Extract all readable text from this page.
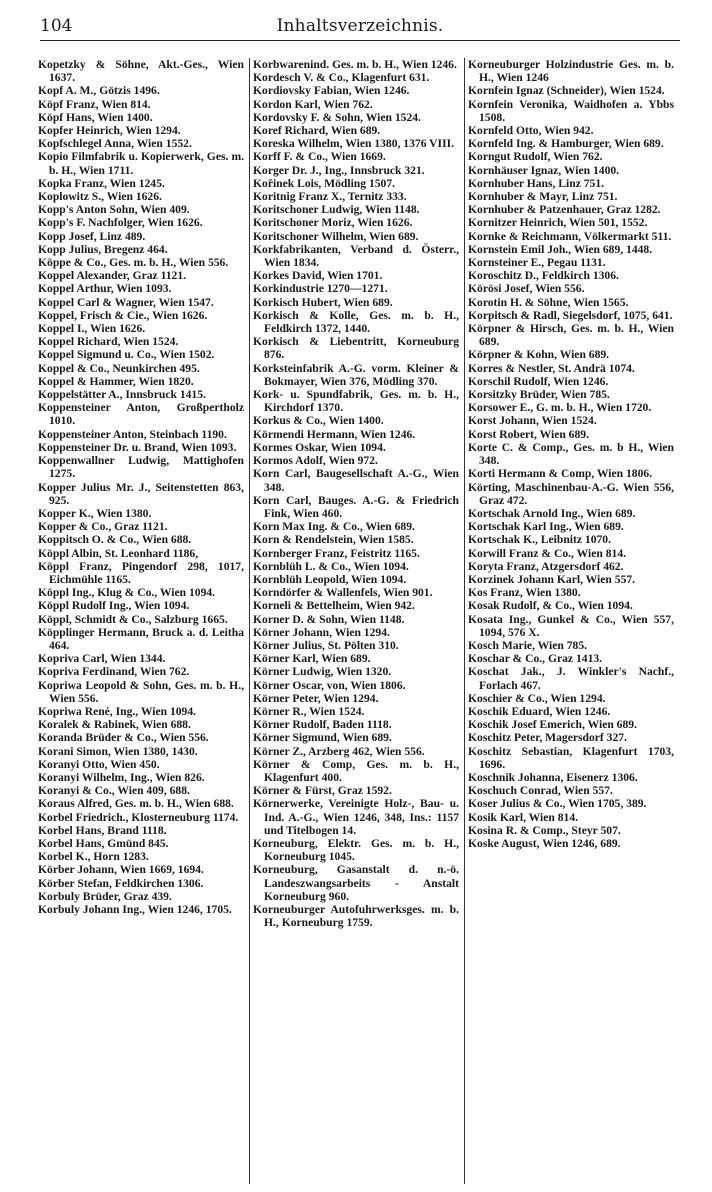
104	Inhaltsverzeichnis.
Kopetzky & Söhne, Akt.-Ges., Wien 1637.
Kopf A. M., Götzis 1496.
Köpf Franz, Wien 814.
Köpf Hans, Wien 1400.
Kopfer Heinrich, Wien 1294.
Kopfschlegel Anna, Wien 1552.
Kopio Filmfabrik u. Kopierwerk, Ges. m. b. H., Wien 1711.
Kopka Franz, Wien 1245.
Koplowitz S., Wien 1626.
Kopp's Anton Sohn, Wien 409.
Kopp's F. Nachfolger, Wien 1626.
Kopp Josef, Linz 489.
Kopp Julius, Bregenz 464.
Köppe & Co., Ges. m. b. H., Wien 556.
Koppel Alexander, Graz 1121.
Koppel Arthur, Wien 1093.
Koppel Carl & Wagner, Wien 1547.
Koppel, Frisch & Cie., Wien 1626.
Koppel I., Wien 1626.
Koppel Richard, Wien 1524.
Koppel Sigmund u. Co., Wien 1502.
Koppel & Co., Neunkirchen 495.
Koppel & Hammer, Wien 1820.
Koppelstätter A., Innsbruck 1415.
Koppensteiner Anton, Großpertholz 1010.
Koppensteiner Anton, Steinbach 1190.
Koppensteiner Dr. u. Brand, Wien 1093.
Koppenwallner Ludwig, Mattighofen 1275.
Kopper Julius Mr. J., Seitenstetten 863, 925.
Kopper K., Wien 1380.
Kopper & Co., Graz 1121.
Koppitsch O. & Co., Wien 688.
Köppl Albin, St. Leonhard 1186,
Köppl Franz, Pingendorf 298, 1017, Eichmühle 1165.
Köppl Ing., Klug & Co., Wien 1094.
Köppl Rudolf Ing., Wien 1094.
Köppl, Schmidt & Co., Salzburg 1665.
Köpplinger Hermann, Bruck a. d. Leitha 464.
Kopriva Carl, Wien 1344.
Kopriva Ferdinand, Wien 762.
Kopriwa Leopold & Sohn, Ges. m. b. H., Wien 556.
Kopriwa René, Ing., Wien 1094.
Koralek & Rabinek, Wien 688.
Koranda Brüder & Co., Wien 556.
Korani Simon, Wien 1380, 1430.
Koranyi Otto, Wien 450.
Koranyi Wilhelm, Ing., Wien 826.
Koranyi & Co., Wien 409, 688.
Koraus Alfred, Ges. m. b. H., Wien 688.
Korbel Friedrich., Klosterneuburg 1174.
Korbel Hans, Brand 1118.
Korbel Hans, Gmünd 845.
Korbel K., Horn 1283.
Körber Johann, Wien 1669, 1694.
Körber Stefan, Feldkirchen 1306.
Korbuly Brüder, Graz 439.
Korbuly Johann Ing., Wien 1246, 1705.
Korbwarenind. Ges. m. b. H., Wien 1246.
Kordesch V. & Co., Klagenfurt 631.
Kordiovsky Fabian, Wien 1246.
Kordon Karl, Wien 762.
Kordovsky F. & Sohn, Wien 1524.
Koref Richard, Wien 689.
Koreska Wilhelm, Wien 1380, 1376 VIII.
Korff F. & Co., Wien 1669.
Korger Dr. J., Ing., Innsbruck 321.
Kořinek Lois, Mödling 1507.
Koritnig Franz X., Ternitz 333.
Koritschoner Ludwig, Wien 1148.
Koritschoner Moriz, Wien 1626.
Koritschoner Wilhelm, Wien 689.
Korkfabrikanten, Verband d. Österr., Wien 1834.
Korkes David, Wien 1701.
Korkindustrie 1270—1271.
Korkisch Hubert, Wien 689.
Korkisch & Kolle, Ges. m. b. H., Feldkirch 1372, 1440.
Korkisch & Liebentritt, Korneuburg 876.
Korksteinfabrik A.-G. vorm. Kleiner & Bokmayer, Wien 376, Mödling 370.
Kork- u. Spundfabrik, Ges. m. b. H., Kirchdorf 1370.
Korkus & Co., Wien 1400.
Körmendi Hermann, Wien 1246.
Kormes Oskar, Wien 1094.
Kormos Adolf, Wien 972.
Korn Carl, Baugesellschaft A.-G., Wien 348.
Korn Carl, Bauges. A.-G. & Friedrich Fink, Wien 460.
Korn Max Ing. & Co., Wien 689.
Korn & Rendelstein, Wien 1585.
Kornberger Franz, Feistritz 1165.
Kornblüh L. & Co., Wien 1094.
Kornblüh Leopold, Wien 1094.
Korndörfer & Wallenfels, Wien 901.
Korneli & Bettelheim, Wien 942.
Korner D. & Sohn, Wien 1148.
Körner Johann, Wien 1294.
Körner Julius, St. Pölten 310.
Körner Karl, Wien 689.
Körner Ludwig, Wien 1320.
Körner Oscar, von, Wien 1806.
Körner Peter, Wien 1294.
Körner R., Wien 1524.
Körner Rudolf, Baden 1118.
Körner Sigmund, Wien 689.
Körner Z., Arzberg 462, Wien 556.
Körner & Comp, Ges. m. b. H., Klagenfurt 400.
Körner & Fürst, Graz 1592.
Körnerwerke, Vereinigte Holz-, Bau- u. Ind. A.-G., Wien 1246, 348, Ins.: 1157 und Titelbogen 14.
Korneuburg, Elektr. Ges. m. b. H., Korneuburg 1045.
Korneuburg, Gasanstalt d. n.-ö. Landeszwangsarbeits - Anstalt Korneuburg 960.
Korneuburger Autofuhrwerksges. m. b. H., Korneuburg 1759.
Korneuburger Holzindustrie Ges. m. b. H., Wien 1246
Kornfein Ignaz (Schneider), Wien 1524.
Kornfein Veronika, Waidhofen a. Ybbs 1508.
Kornfeld Otto, Wien 942.
Kornfeld Ing. & Hamburger, Wien 689.
Korngut Rudolf, Wien 762.
Kornhäuser Ignaz, Wien 1400.
Kornhuber Hans, Linz 751.
Kornhuber & Mayr, Linz 751.
Kornhuber & Patzenhauer, Graz 1282.
Kornitzer Heinrich, Wien 501, 1552.
Kornke & Reichmann, Völkermarkt 511.
Kornstein Emil Joh., Wien 689, 1448.
Kornsteiner E., Pegau 1131.
Koroschitz D., Feldkirch 1306.
Körösi Josef, Wien 556.
Korotin H. & Söhne, Wien 1565.
Korpitsch & Radl, Siegelsdorf, 1075, 641.
Körpner & Hirsch, Ges. m. b. H., Wien 689.
Körpner & Kohn, Wien 689.
Korres & Nestler, St. Andrä 1074.
Korschil Rudolf, Wien 1246.
Korsitzky Brüder, Wien 785.
Korsower E., G. m. b. H., Wien 1720.
Korst Johann, Wien 1524.
Korst Robert, Wien 689.
Korte C. & Comp., Ges. m. b H., Wien 348.
Korti Hermann & Comp, Wien 1806.
Körting, Maschinenbau-A.-G. Wien 556, Graz 472.
Kortschak Arnold Ing., Wien 689.
Kortschak Karl Ing., Wien 689.
Kortschak K., Leibnitz 1070.
Korwill Franz & Co., Wien 814.
Koryta Franz, Atzgersdorf 462.
Korzinek Johann Karl, Wien 557.
Kos Franz, Wien 1380.
Kosak Rudolf, & Co., Wien 1094.
Kosata Ing., Gunkel & Co., Wien 557, 1094, 576 X.
Kosch Marie, Wien 785.
Koschar & Co., Graz 1413.
Koschat Jak., J. Winkler's Nachf., Forlach 467.
Koschier & Co., Wien 1294.
Koschik Eduard, Wien 1246.
Koschik Josef Emerich, Wien 689.
Koschitz Peter, Magersdorf 327.
Koschitz Sebastian, Klagenfurt 1703, 1696.
Koschnik Johanna, Eisenerz 1306.
Koschuch Conrad, Wien 557.
Koser Julius & Co., Wien 1705, 389.
Kosik Karl, Wien 814.
Kosina R. & Comp., Steyr 507.
Koske August, Wien 1246, 689.
